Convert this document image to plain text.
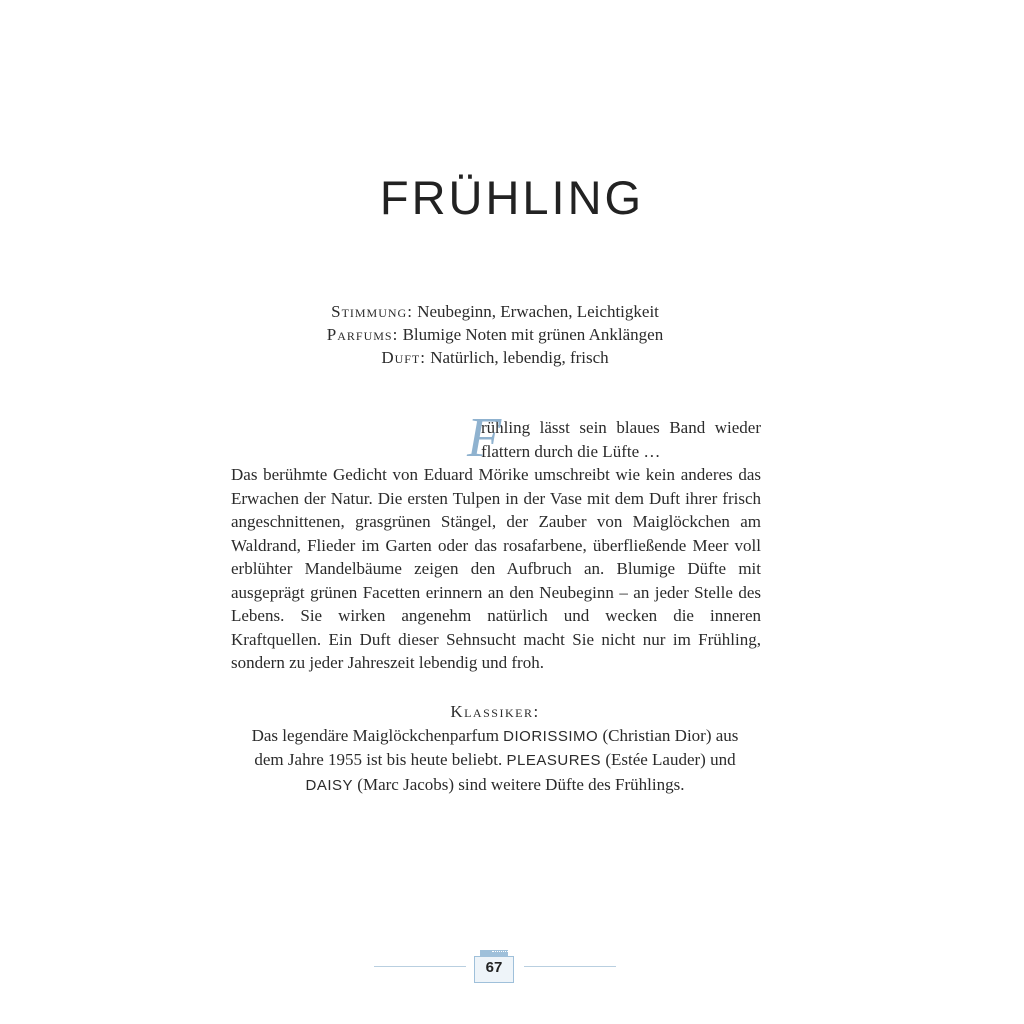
FRÜHLING
Stimmung: Neubeginn, Erwachen, Leichtigkeit
Parfums: Blumige Noten mit grünen Anklängen
Duft: Natürlich, lebendig, frisch
F

rühling lässt sein blaues Band wieder flattern durch die Lüfte …

Das berühmte Gedicht von Eduard Mörike umschreibt wie kein anderes das Erwachen der Natur. Die ersten Tulpen in der Vase mit dem Duft ihrer frisch angeschnittenen, grasgrünen Stängel, der Zauber von Maiglöckchen am Waldrand, Flieder im Garten oder das rosafarbene, überfließende Meer voll erblühter Mandelbäume zeigen den Aufbruch an. Blumige Düfte mit ausgeprägt grünen Facetten erinnern an den Neubeginn – an jeder Stelle des Lebens. Sie wirken angenehm natürlich und wecken die inneren Kraftquellen. Ein Duft dieser Sehnsucht macht Sie nicht nur im Frühling, sondern zu jeder Jahreszeit lebendig und froh.

Klassiker:
Das legendäre Maiglöckchenparfum DIORISSIMO (Christian Dior) aus
dem Jahre 1955 ist bis heute beliebt. PLEASURES (Estée Lauder) und
DAISY (Marc Jacobs) sind weitere Düfte des Frühlings.
67
